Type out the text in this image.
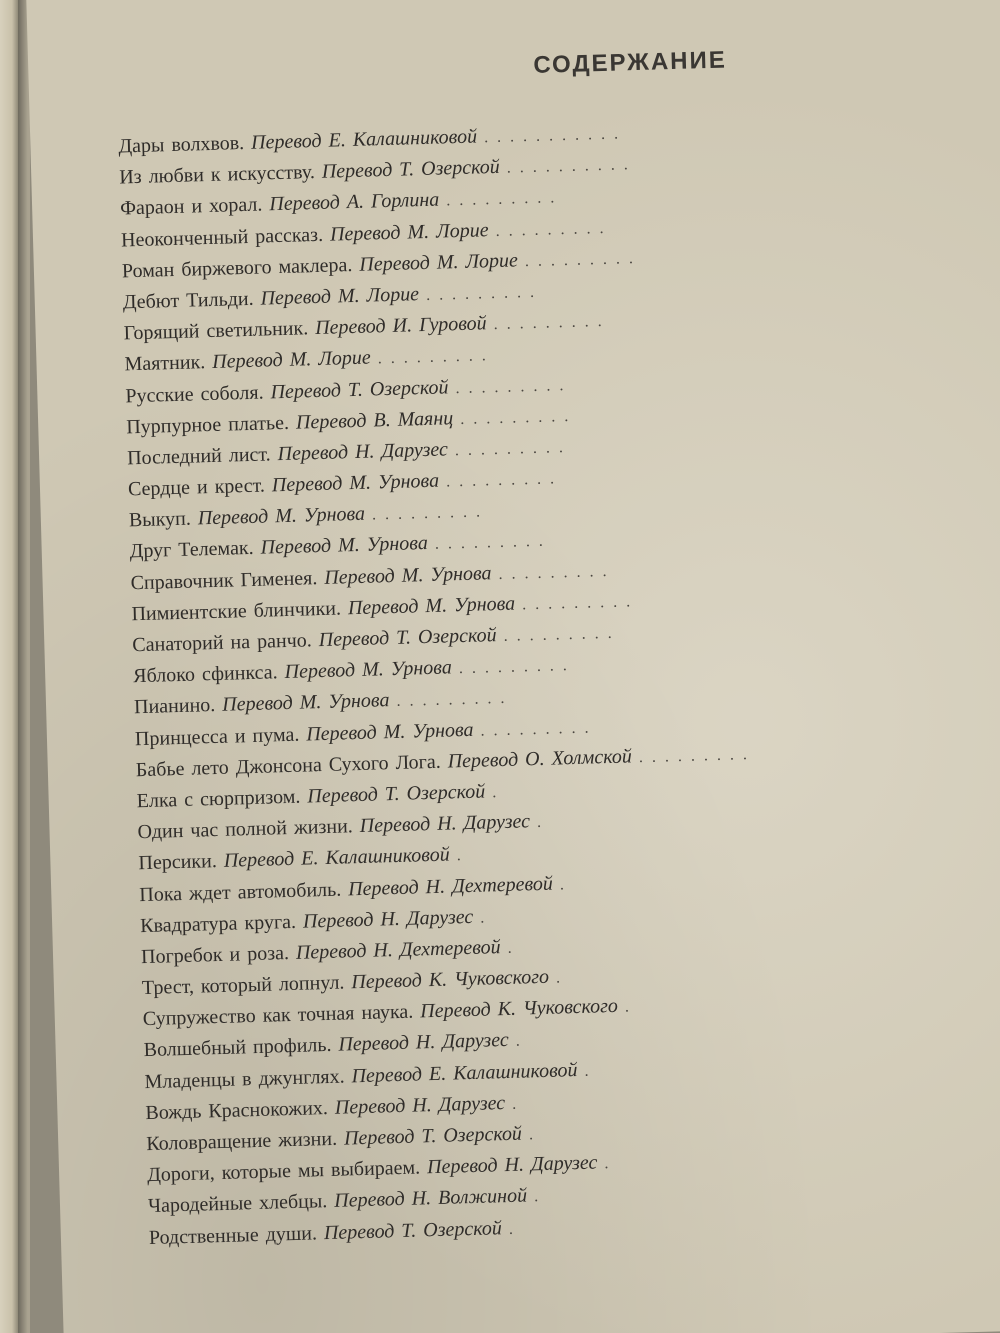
СОДЕРЖАНИЕ
Дары волхвов. Перевод Е. Калашниковой ...........
Из любви к искусству. Перевод Т. Озерской ..........
Фараон и хорал. Перевод А. Горлина .........
Неоконченный рассказ. Перевод М. Лорие .........
Роман биржевого маклера. Перевод М. Лорие .........
Дебют Тильди. Перевод М. Лорие .........
Горящий светильник. Перевод И. Гуровой .........
Маятник. Перевод М. Лорие .........
Русские соболя. Перевод Т. Озерской .........
Пурпурное платье. Перевод В. Маянц .........
Последний лист. Перевод Н. Дарузес .........
Сердце и крест. Перевод М. Урнова .........
Выкуп. Перевод М. Урнова .........
Друг Телемак. Перевод М. Урнова .........
Справочник Гименея. Перевод М. Урнова .........
Пимиентские блинчики. Перевод М. Урнова .........
Санаторий на ранчо. Перевод Т. Озерской .........
Яблоко сфинкса. Перевод М. Урнова .........
Пианино. Перевод М. Урнова .........
Принцесса и пума. Перевод М. Урнова .........
Бабье лето Джонсона Сухого Лога. Перевод О. Холмской .........
Елка с сюрпризом. Перевод Т. Озерской .
Один час полной жизни. Перевод Н. Дарузес .
Персики. Перевод Е. Калашниковой .
Пока ждет автомобиль. Перевод Н. Дехтеревой .
Квадратура круга. Перевод Н. Дарузес .
Погребок и роза. Перевод Н. Дехтеревой .
Трест, который лопнул. Перевод К. Чуковского .
Супружество как точная наука. Перевод К. Чуковского .
Волшебный профиль. Перевод Н. Дарузес .
Младенцы в джунглях. Перевод Е. Калашниковой .
Вождь Краснокожих. Перевод Н. Дарузес .
Коловращение жизни. Перевод Т. Озерской .
Дороги, которые мы выбираем. Перевод Н. Дарузес .
Чародейные хлебцы. Перевод Н. Волжиной .
Родственные души. Перевод Т. Озерской .
